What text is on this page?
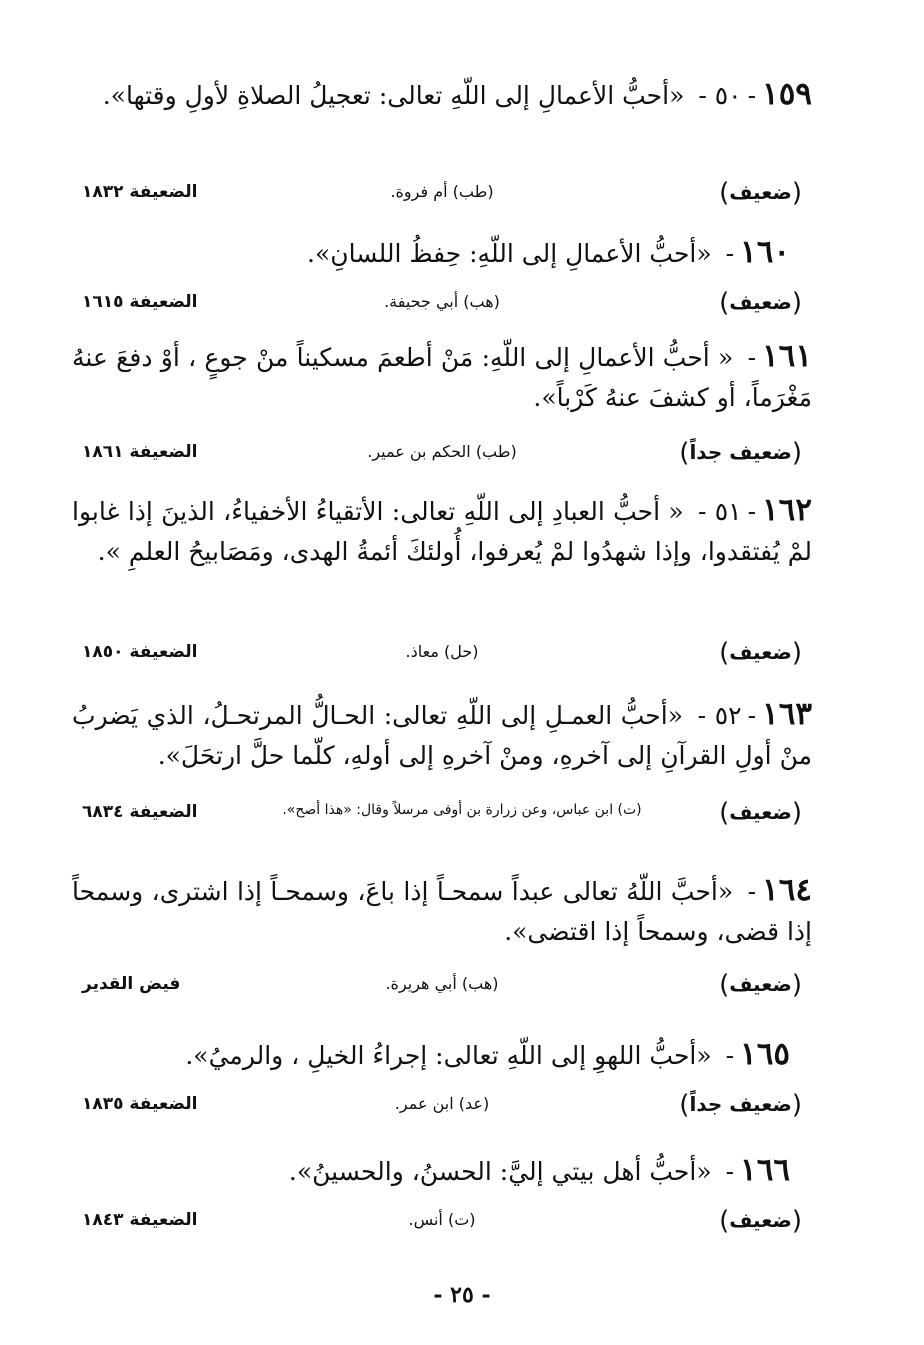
١٥٩-٥٠ - «أحبُّ الأعمالِ إلى اللّهِ تعالى: تعجيلُ الصلاةِ لأولِ وقتها».
(ضعيف)
(طب) أم فروة.
الضعيفة ١٨٣٢
١٦٠- «أحبُّ الأعمالِ إلى اللّهِ: حِفظُ اللسانِ».
(ضعيف)
(هب) أبي جحيفة.
الضعيفة ١٦١٥
١٦١- « أحبُّ الأعمالِ إلى اللّهِ: مَنْ أطعمَ مسكيناً منْ جوعٍ ، أوْ دفعَ عنهُ مَغْرَماً، أو كشفَ عنهُ كَرْباً».
(ضعيف جداً)
(طب) الحكم بن عمير.
الضعيفة ١٨٦١
١٦٢-٥١ - « أحبُّ العبادِ إلى اللّهِ تعالى: الأتقياءُ الأخفياءُ، الذينَ إذا غابوا لمْ يُفتقدوا، وإذا شهدُوا لمْ يُعرفوا، أُولئكَ أئمةُ الهدى، ومَصَابيحُ العلمِ ».
(ضعيف)
(حل) معاذ.
الضعيفة ١٨٥٠
١٦٣-٥٢ - «أحبُّ العمـلِ إلى اللّهِ تعالى: الحـالُّ المرتحـلُ، الذي يَضربُ منْ أولِ القرآنِ إلى آخرهِ، ومنْ آخرهِ إلى أولهِ، كلّما حلَّ ارتحَلَ».
(ضعيف)
(ت) ابن عباس، وعن زرارة بن أوفى مرسلاً وقال: «هذا أصح».
الضعيفة ٦٨٣٤
١٦٤- «أحبَّ اللّهُ تعالى عبداً سمحـاً إذا باعَ، وسمحـاً إذا اشترى، وسمحاً إذا قضى، وسمحاً إذا اقتضى».
(ضعيف)
(هب) أبي هريرة.
فيض القدير
١٦٥- «أحبُّ اللهوِ إلى اللّهِ تعالى: إجراءُ الخيلِ ، والرميُ».
(ضعيف جداً)
(عد) ابن عمر.
الضعيفة ١٨٣٥
١٦٦- «أحبُّ أهل بيتي إليَّ: الحسنُ، والحسينُ».
(ضعيف)
(ت) أنس.
الضعيفة ١٨٤٣
- ٢٥ -
